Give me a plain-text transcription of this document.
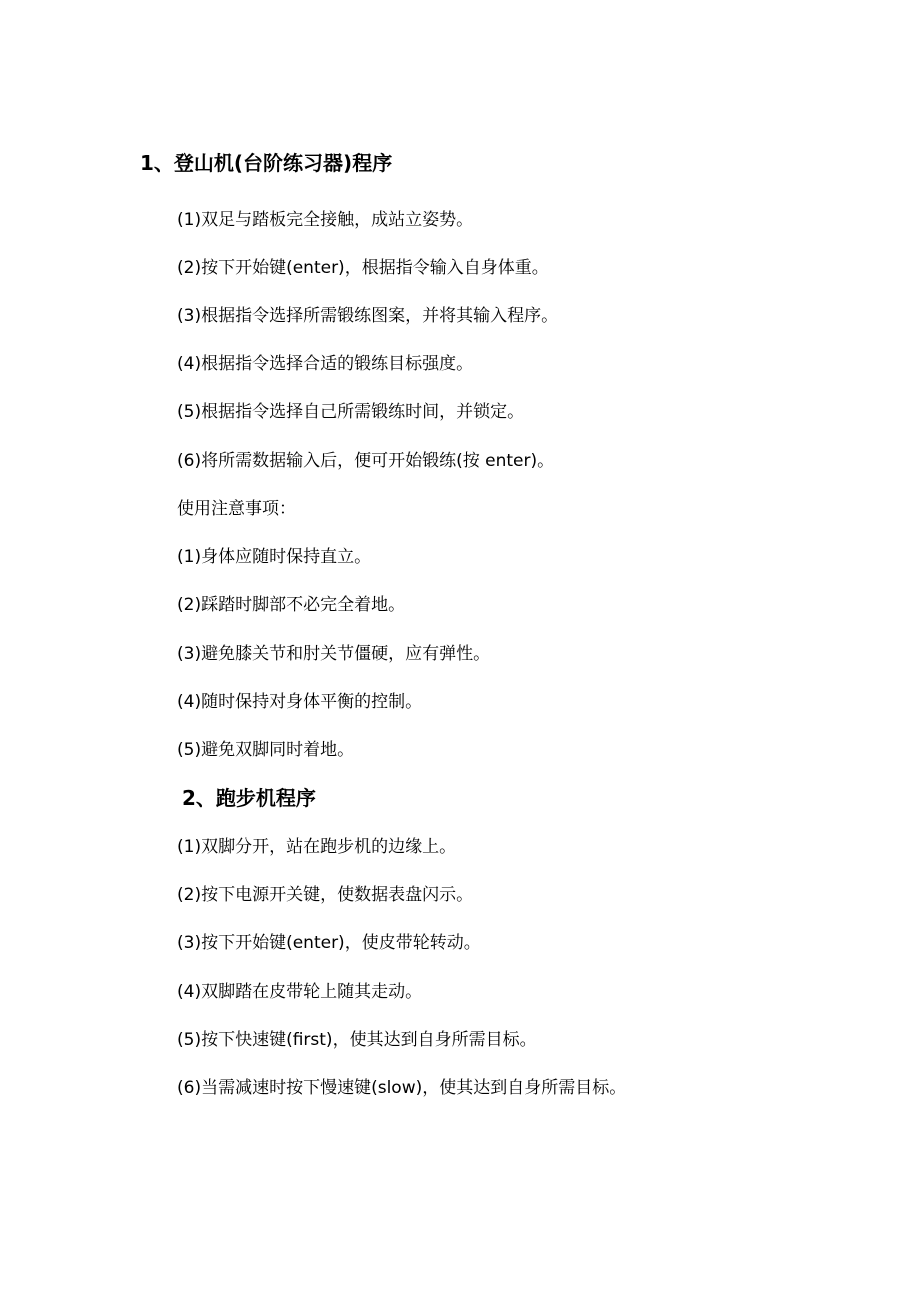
1、登山机(台阶练习器)程序

(1)双足与踏板完全接触，成站立姿势。

(2)按下开始键(enter)，根据指令输入自身体重。

(3)根据指令选择所需锻练图案，并将其输入程序。

(4)根据指令选择合适的锻练目标强度。

(5)根据指令选择自己所需锻练时间，并锁定。

(6)将所需数据输入后，便可开始锻练(按 enter)。

使用注意事项：

(1)身体应随时保持直立。

(2)踩踏时脚部不必完全着地。

(3)避免膝关节和肘关节僵硬，应有弹性。

(4)随时保持对身体平衡的控制。

(5)避免双脚同时着地。

2、跑步机程序

(1)双脚分开，站在跑步机的边缘上。

(2)按下电源开关键，使数据表盘闪示。

(3)按下开始键(enter)，使皮带轮转动。

(4)双脚踏在皮带轮上随其走动。

(5)按下快速键(first)，使其达到自身所需目标。

(6)当需减速时按下慢速键(slow)，使其达到自身所需目标。
